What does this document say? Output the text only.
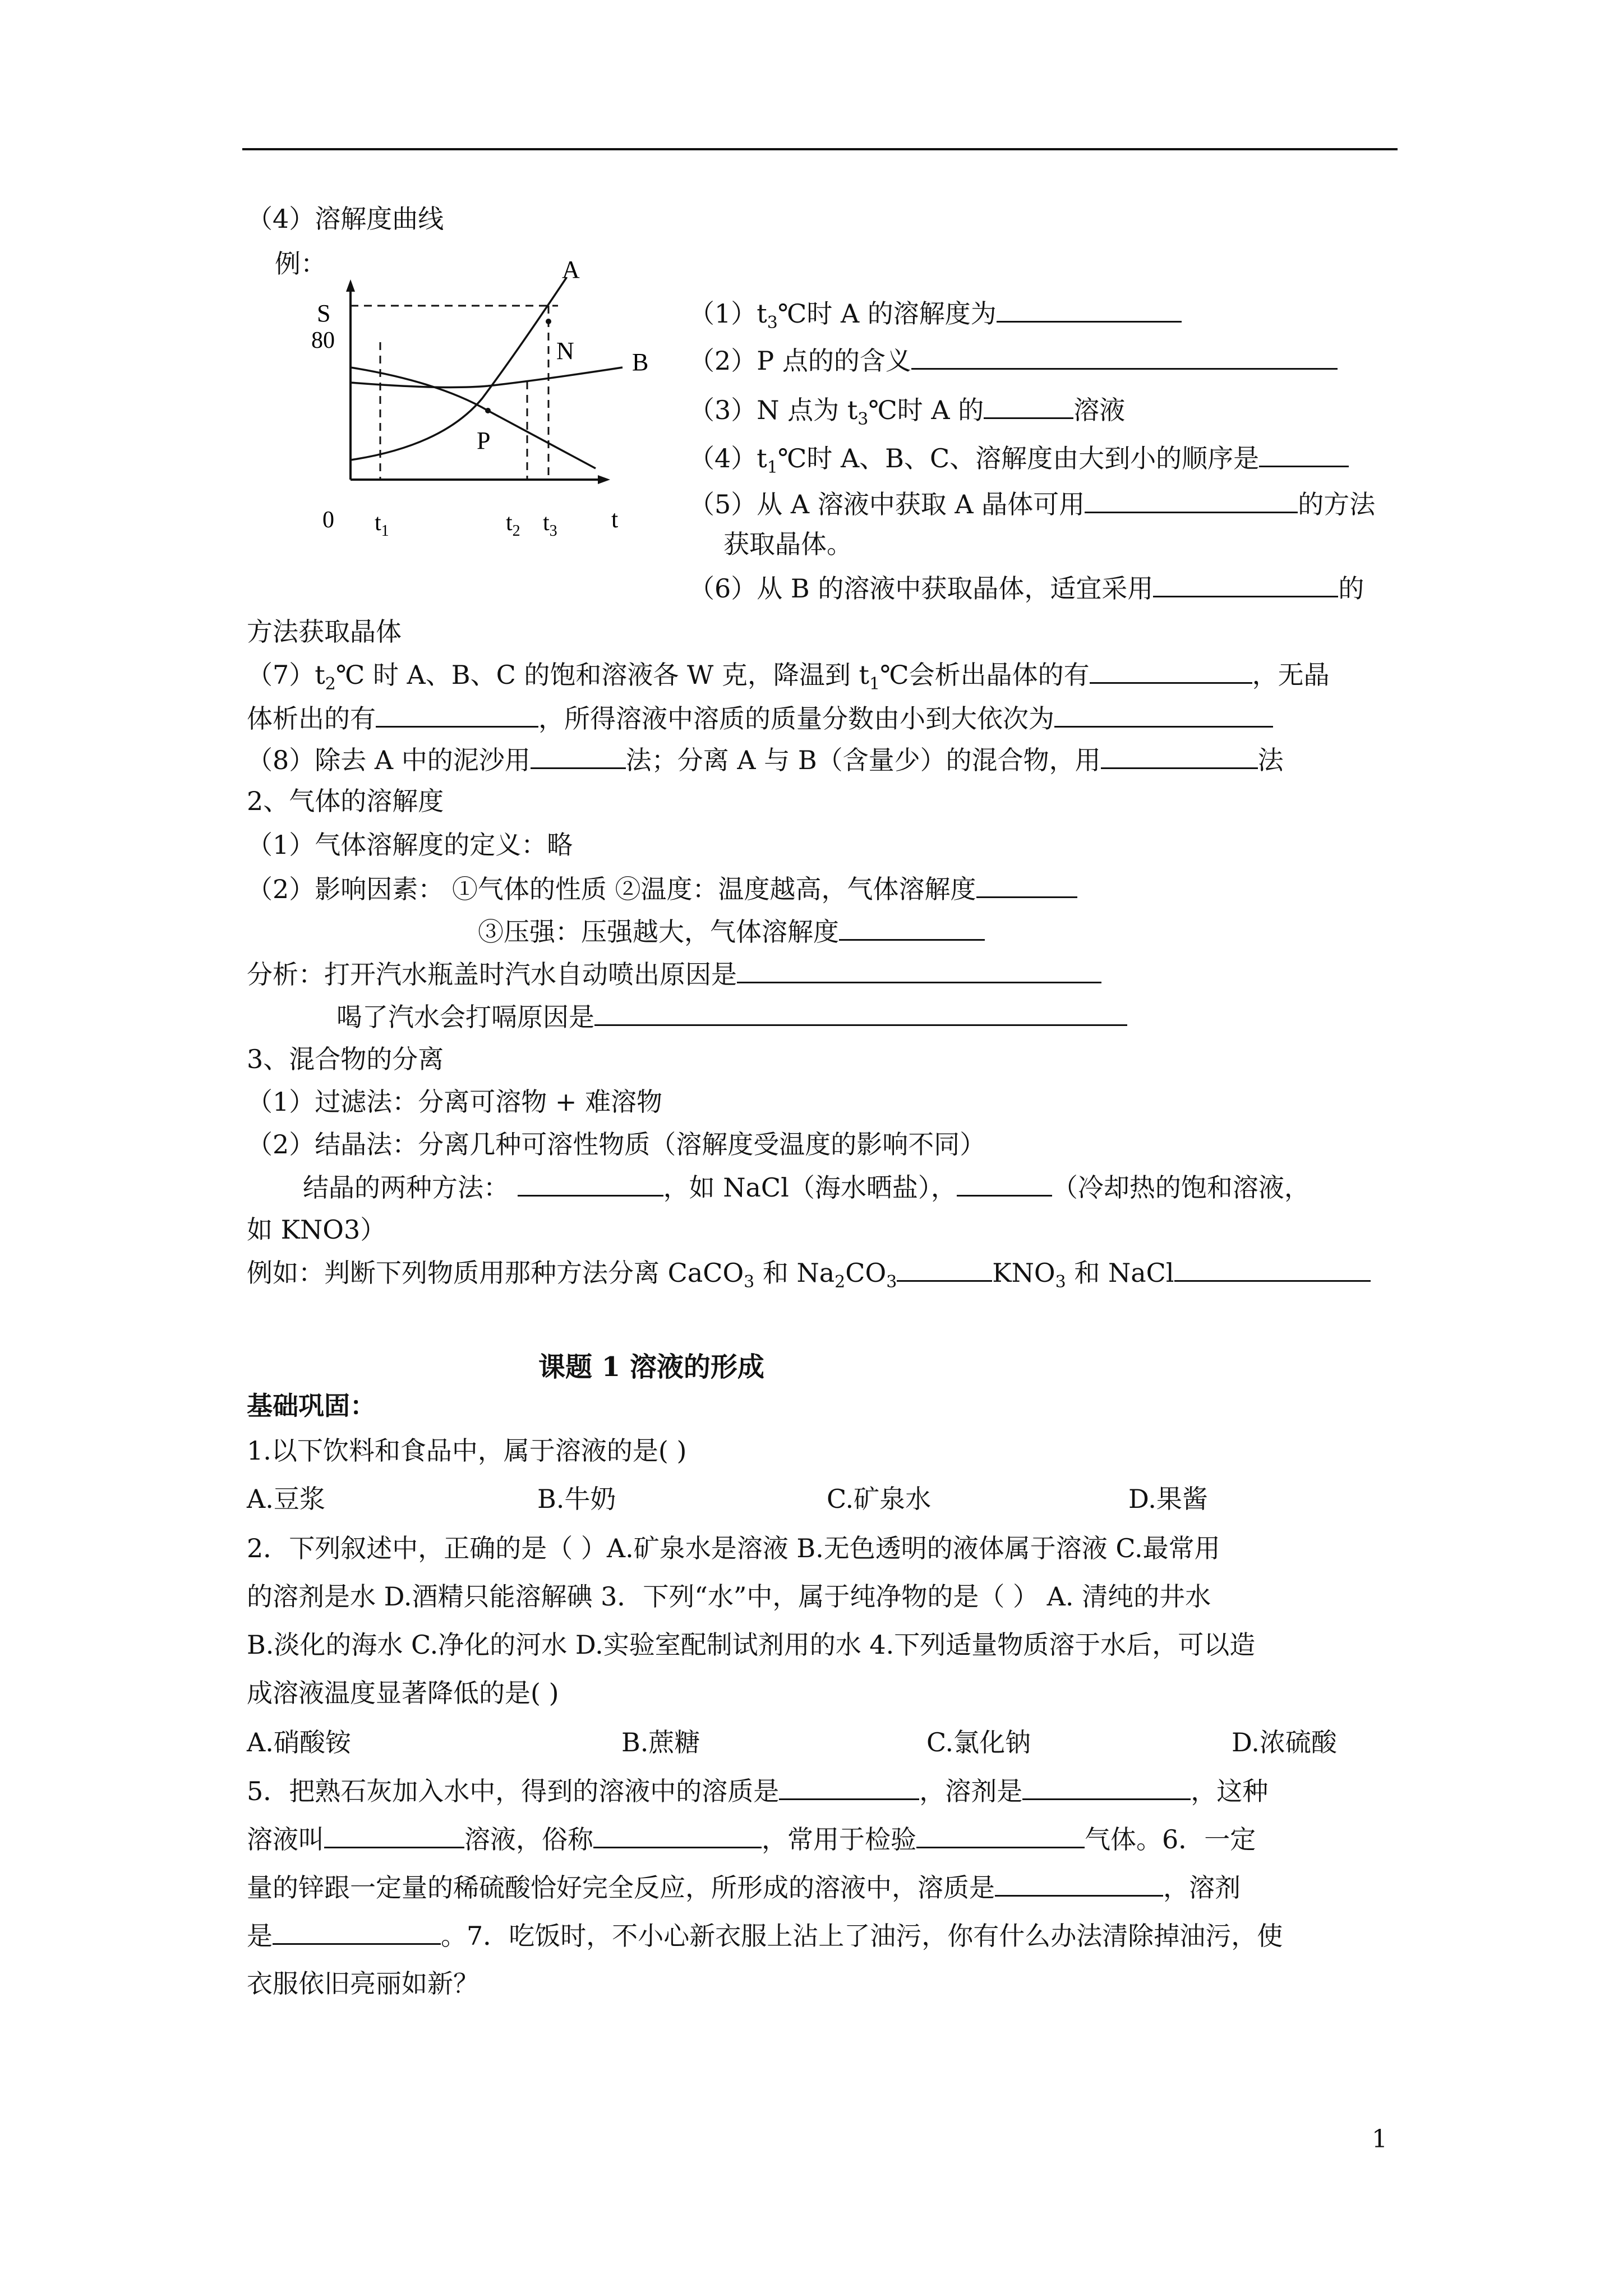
（4）溶解度曲线
例：
S
80
0	t
$t_1$	$t_2$ $t_3$
A
B
N
P
$(1)t_3℃$时 A 的溶解度为
（2）P 点的的含义
（3）N 点为 $t_3℃$时 A 的	溶液
$(4)t_1℃$时 A、B、C、溶解度由大到小的顺序是
（5）从 A 溶液中获取 A 晶体可用	的方法
获取晶体。
（6）从 B 的溶液中获取晶体，适宜采用	的
方法获取晶体
$(7)t_2℃$ 时 A、B、C 的饱和溶液各 W 克，降温到 $t_1℃$会析出晶体的有	，无晶
体析出的有	，所得溶液中溶质的质量分数由小到大依次为
（8）除去 A 中的泥沙用	法；分离 A 与 B（含量少）的混合物，用	法
2、气体的溶解度
（1）气体溶解度的定义：略
（2）影响因素： ①气体的性质 ②温度：温度越高，气体溶解度
③压强：压强越大，气体溶解度
分析：打开汽水瓶盖时汽水自动喷出原因是
喝了汽水会打嗝原因是
3、混合物的分离
（1）过滤法：分离可溶物 + 难溶物
（2）结晶法：分离几种可溶性物质（溶解度受温度的影响不同）
结晶的两种方法：	，如 NaCl（海水晒盐），	（冷却热的饱和溶液，
如 KNO3）
例如：判断下列物质用那种方法分离 CaCO$_3$ 和 $Na_2CO_3$	$KNO_3$ 和 NaCl
课题 1 溶液的形成
基础巩固：
1.以下饮料和食品中，属于溶液的是( )
A.豆浆	B.牛奶	C.矿泉水	D.果酱
2．下列叙述中，正确的是（ ）A.矿泉水是溶液 B.无色透明的液体属于溶液 C.最常用
的溶剂是水 D.酒精只能溶解碘 3．下列“水”中，属于纯净物的是（ ） A. 清纯的井水
B.淡化的海水 C.净化的河水 D.实验室配制试剂用的水 4.下列适量物质溶于水后，可以造
成溶液温度显著降低的是( )
A.硝酸铵	B.蔗糖	C.氯化钠	D.浓硫酸
5．把熟石灰加入水中，得到的溶液中的溶质是	，溶剂是	，这种
溶液叫	溶液，俗称	，常用于检验	气体。6．一定
量的锌跟一定量的稀硫酸恰好完全反应，所形成的溶液中，溶质是	，溶剂
是	。7．吃饭时，不小心新衣服上沾上了油污，你有什么办法清除掉油污，使
衣服依旧亮丽如新？
1
